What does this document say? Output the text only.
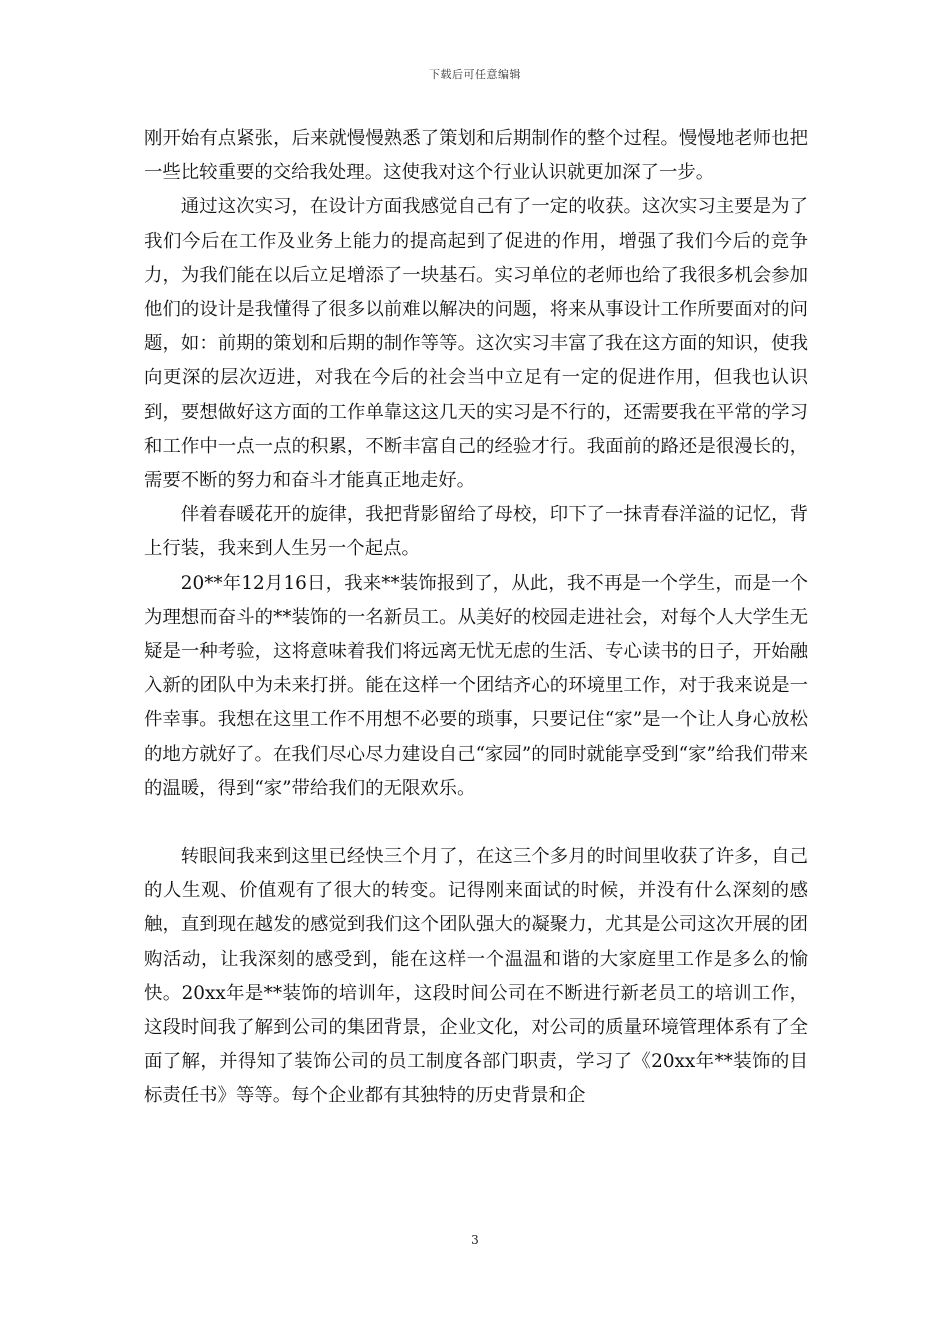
下载后可任意编辑

刚开始有点紧张，后来就慢慢熟悉了策划和后期制作的整个过程。慢慢地老师也把一些比较重要的交给我处理。这使我对这个行业认识就更加深了一步。

通过这次实习，在设计方面我感觉自己有了一定的收获。这次实习主要是为了我们今后在工作及业务上能力的提高起到了促进的作用，增强了我们今后的竞争力，为我们能在以后立足增添了一块基石。实习单位的老师也给了我很多机会参加他们的设计是我懂得了很多以前难以解决的问题，将来从事设计工作所要面对的问题，如：前期的策划和后期的制作等等。这次实习丰富了我在这方面的知识，使我向更深的层次迈进，对我在今后的社会当中立足有一定的促进作用，但我也认识到，要想做好这方面的工作单靠这这几天的实习是不行的，还需要我在平常的学习和工作中一点一点的积累，不断丰富自己的经验才行。我面前的路还是很漫长的，需要不断的努力和奋斗才能真正地走好。

伴着春暖花开的旋律，我把背影留给了母校，印下了一抹青春洋溢的记忆，背上行装，我来到人生另一个起点。

20**年12月16日，我来**装饰报到了，从此，我不再是一个学生，而是一个为理想而奋斗的**装饰的一名新员工。从美好的校园走进社会，对每个人大学生无疑是一种考验，这将意味着我们将远离无忧无虑的生活、专心读书的日子，开始融入新的团队中为未来打拼。能在这样一个团结齐心的环境里工作，对于我来说是一件幸事。我想在这里工作不用想不必要的琐事，只要记住“家”是一个让人身心放松的地方就好了。在我们尽心尽力建设自己“家园”的同时就能享受到“家”给我们带来的温暖，得到“家”带给我们的无限欢乐。

转眼间我来到这里已经快三个月了，在这三个多月的时间里收获了许多，自己的人生观、价值观有了很大的转变。记得刚来面试的时候，并没有什么深刻的感触，直到现在越发的感觉到我们这个团队强大的凝聚力，尤其是公司这次开展的团购活动，让我深刻的感受到，能在这样一个温温和谐的大家庭里工作是多么的愉快。20xx年是**装饰的培训年，这段时间公司在不断进行新老员工的培训工作，这段时间我了解到公司的集团背景，企业文化，对公司的质量环境管理体系有了全面了解，并得知了装饰公司的员工制度各部门职责，学习了《20xx年**装饰的目标责任书》等等。每个企业都有其独特的历史背景和企

3
